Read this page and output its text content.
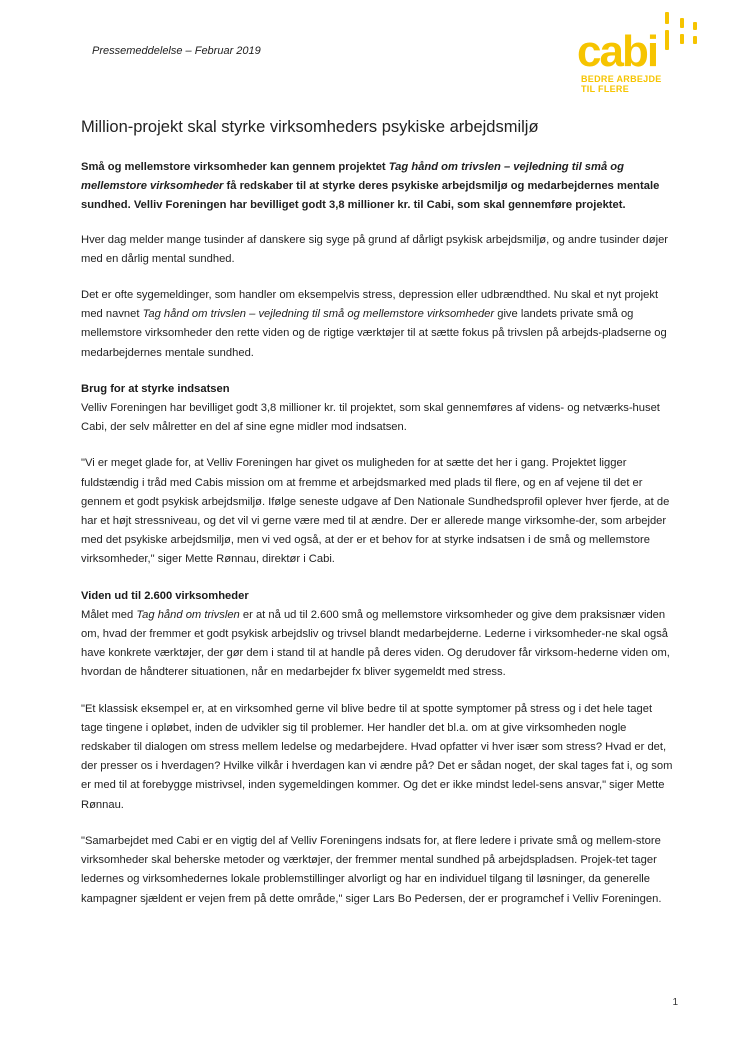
Pressemeddelelse – Februar 2019	cabi
BEDRE ARBEJDE
TIL FLERE
Million-projekt skal styrke virksomheders psykiske arbejdsmiljø

Små og mellemstore virksomheder kan gennem projektet Tag hånd om trivslen – vejledning til små og mellemstore virksomheder få redskaber til at styrke deres psykiske arbejdsmiljø og medarbejdernes mentale sundhed. Velliv Foreningen har bevilliget godt 3,8 millioner kr. til Cabi, som skal gennemføre projektet.

Hver dag melder mange tusinder af danskere sig syge på grund af dårligt psykisk arbejdsmiljø, og andre tusinder døjer med en dårlig mental sundhed.

Det er ofte sygemeldinger, som handler om eksempelvis stress, depression eller udbrændthed. Nu skal et nyt projekt med navnet Tag hånd om trivslen – vejledning til små og mellemstore virksomheder give landets private små og mellemstore virksomheder den rette viden og de rigtige værktøjer til at sætte fokus på trivslen på arbejds-pladserne og medarbejdernes mentale sundhed.

Brug for at styrke indsatsen

Velliv Foreningen har bevilliget godt 3,8 millioner kr. til projektet, som skal gennemføres af videns- og netværks-huset Cabi, der selv målretter en del af sine egne midler mod indsatsen.

"Vi er meget glade for, at Velliv Foreningen har givet os muligheden for at sætte det her i gang. Projektet ligger fuldstændig i tråd med Cabis mission om at fremme et arbejdsmarked med plads til flere, og en af vejene til det er gennem et godt psykisk arbejdsmiljø. Ifølge seneste udgave af Den Nationale Sundhedsprofil oplever hver fjerde, at de har et højt stressniveau, og det vil vi gerne være med til at ændre. Der er allerede mange virksomhe-der, som arbejder med det psykiske arbejdsmiljø, men vi ved også, at der er et behov for at styrke indsatsen i de små og mellemstore virksomheder," siger Mette Rønnau, direktør i Cabi.

Viden ud til 2.600 virksomheder

Målet med Tag hånd om trivslen er at nå ud til 2.600 små og mellemstore virksomheder og give dem praksisnær viden om, hvad der fremmer et godt psykisk arbejdsliv og trivsel blandt medarbejderne. Lederne i virksomheder-ne skal også have konkrete værktøjer, der gør dem i stand til at handle på deres viden. Og derudover får virksom-hederne viden om, hvordan de håndterer situationen, når en medarbejder fx bliver sygemeldt med stress.

"Et klassisk eksempel er, at en virksomhed gerne vil blive bedre til at spotte symptomer på stress og i det hele taget tage tingene i opløbet, inden de udvikler sig til problemer. Her handler det bl.a. om at give virksomheden nogle redskaber til dialogen om stress mellem ledelse og medarbejdere. Hvad opfatter vi hver især som stress? Hvad er det, der presser os i hverdagen? Hvilke vilkår i hverdagen kan vi ændre på? Det er sådan noget, der skal tages fat i, og som er med til at forebygge mistrivsel, inden sygemeldingen kommer. Og det er ikke mindst ledel-sens ansvar," siger Mette Rønnau.

"Samarbejdet med Cabi er en vigtig del af Velliv Foreningens indsats for, at flere ledere i private små og mellem-store virksomheder skal beherske metoder og værktøjer, der fremmer mental sundhed på arbejdspladsen. Projek-tet tager ledernes og virksomhedernes lokale problemstillinger alvorligt og har en individuel tilgang til løsninger, da generelle kampagner sjældent er vejen frem på dette område," siger Lars Bo Pedersen, der er programchef i Velliv Foreningen.

1
